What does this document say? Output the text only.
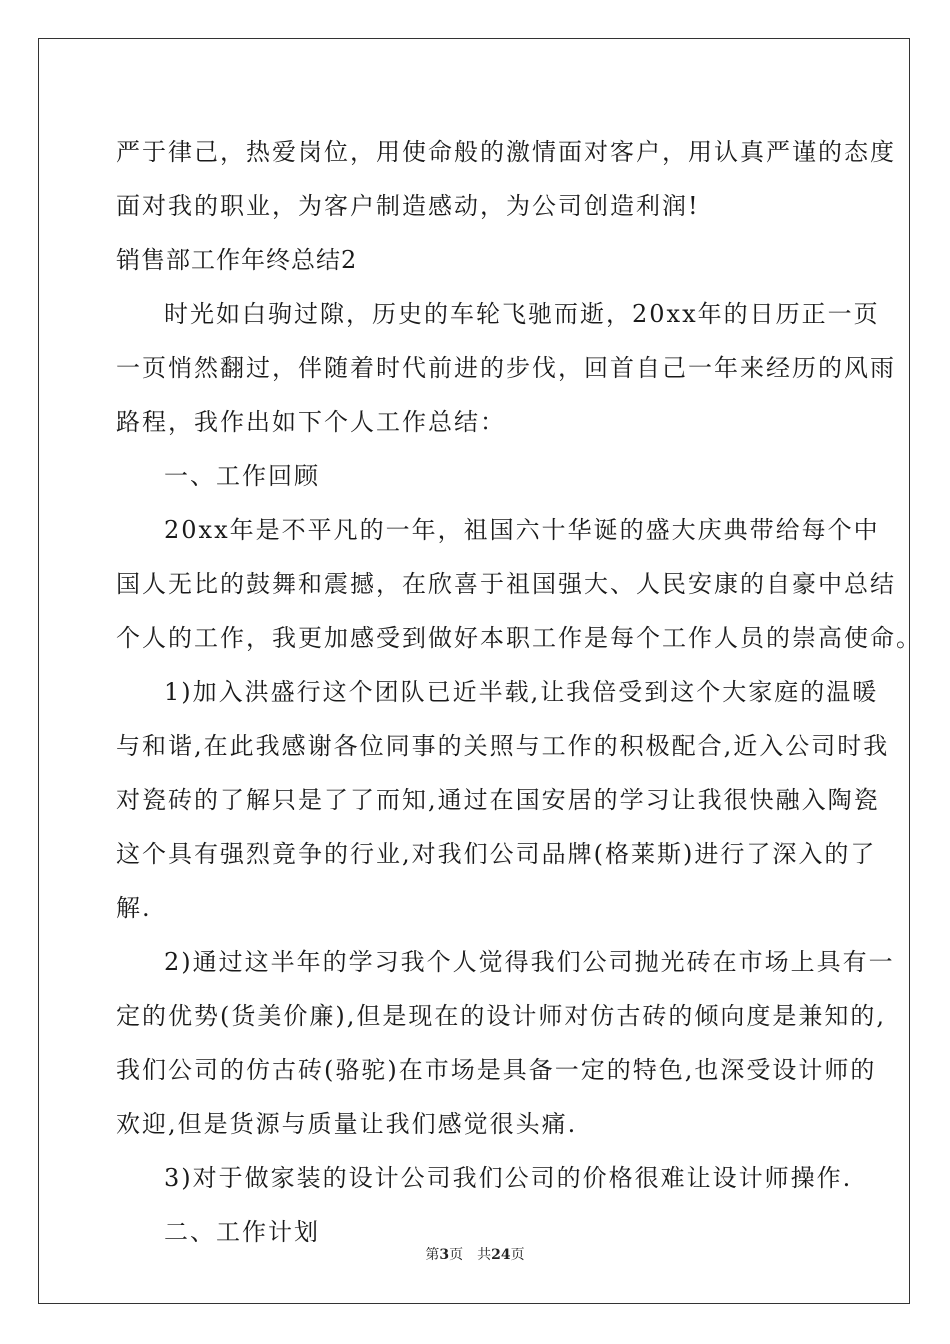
严于律己，热爱岗位，用使命般的激情面对客户，用认真严谨的态度
面对我的职业，为客户制造感动，为公司创造利润!
销售部工作年终总结2
时光如白驹过隙，历史的车轮飞驰而逝，20xx年的日历正一页
一页悄然翻过，伴随着时代前进的步伐，回首自己一年来经历的风雨
路程，我作出如下个人工作总结：
一、工作回顾
20xx年是不平凡的一年，祖国六十华诞的盛大庆典带给每个中
国人无比的鼓舞和震撼，在欣喜于祖国强大、人民安康的自豪中总结
个人的工作，我更加感受到做好本职工作是每个工作人员的崇高使命。
1)加入洪盛行这个团队已近半载,让我倍受到这个大家庭的温暖
与和谐,在此我感谢各位同事的关照与工作的积极配合,近入公司时我
对瓷砖的了解只是了了而知,通过在国安居的学习让我很快融入陶瓷
这个具有强烈竟争的行业,对我们公司品牌(格莱斯)进行了深入的了
解.
2)通过这半年的学习我个人觉得我们公司抛光砖在市场上具有一
定的优势(货美价廉),但是现在的设计师对仿古砖的倾向度是兼知的,
我们公司的仿古砖(骆驼)在市场是具备一定的特色,也深受设计师的
欢迎,但是货源与质量让我们感觉很头痛.
3)对于做家装的设计公司我们公司的价格很难让设计师操作.
二、工作计划
第3页 共24页
